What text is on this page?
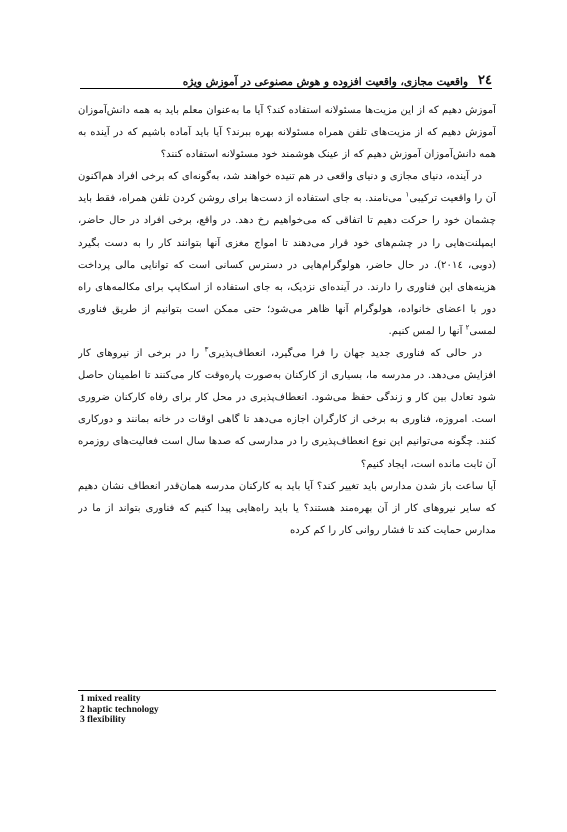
٢٤
واقعیت مجازی، واقعیت افزوده و هوش مصنوعی در آموزش ویژه

آموزش دهیم که از این مزیت‌ها مسئولانه استفاده کند؟ آیا ما به‌عنوان معلم باید به همه دانش‌آموزان آموزش دهیم که از مزیت‌های تلفن همراه مسئولانه بهره ببرند؟ آیا باید آماده باشیم که در آینده به همه دانش‌آموزان آموزش دهیم که از عینک هوشمند خود مسئولانه استفاده کنند؟

در آینده، دنیای مجازی و دنیای واقعی در هم تنیده خواهند شد، به‌گونه‌ای که برخی افراد هم‌اکنون آن را واقعیت ترکیبی$^١$ می‌نامند. به جای استفاده از دست‌ها برای روشن کردن تلفن همراه، فقط باید چشمان خود را حرکت دهیم تا اتفاقی که می‌خواهیم رخ دهد. در واقع، برخی افراد در حال حاضر، ایمپلنت‌هایی را در چشم‌های خود قرار می‌دهند تا امواج مغزی آنها بتوانند کار را به دست بگیرد (دوبی، ٢٠١٤). در حال حاضر، هولوگرام‌هایی در دسترس کسانی است که توانایی مالی پرداخت هزینه‌های این فناوری را دارند. در آینده‌ای نزدیک، به جای استفاده از اسکایپ برای مکالمه‌های راه دور با اعضای خانواده، هولوگرام آنها ظاهر می‌شود؛ حتی ممکن است بتوانیم از طریق فناوری لمسی$^٢$ آنها را لمس کنیم.

در حالی که فناوری جدید جهان را فرا می‌گیرد، انعطاف‌پذیری$^٣$ را در برخی از نیروهای کار افزایش می‌دهد. در مدرسه ما، بسیاری از کارکنان به‌صورت پاره‌وقت کار می‌کنند تا اطمینان حاصل شود تعادل بین کار و زندگی حفظ می‌شود. انعطاف‌پذیری در محل کار برای رفاه کارکنان ضروری است. امروزه، فناوری به برخی از کارگران اجازه می‌دهد تا گاهی اوقات در خانه بمانند و دورکاری کنند. چگونه می‌توانیم این نوع انعطاف‌پذیری را در مدارسی که صدها سال است فعالیت‌های روزمره آن ثابت مانده است، ایجاد کنیم؟

آیا ساعت باز شدن مدارس باید تغییر کند؟ آیا باید به کارکنان مدرسه همان‌قدر انعطاف نشان دهیم که سایر نیروهای کار از آن بهره‌مند هستند؟ یا باید راه‌هایی پیدا کنیم که فناوری بتواند از ما در مدارس حمایت کند تا فشار روانی کار را کم کرده

1 mixed reality
2 haptic technology
3 flexibility
